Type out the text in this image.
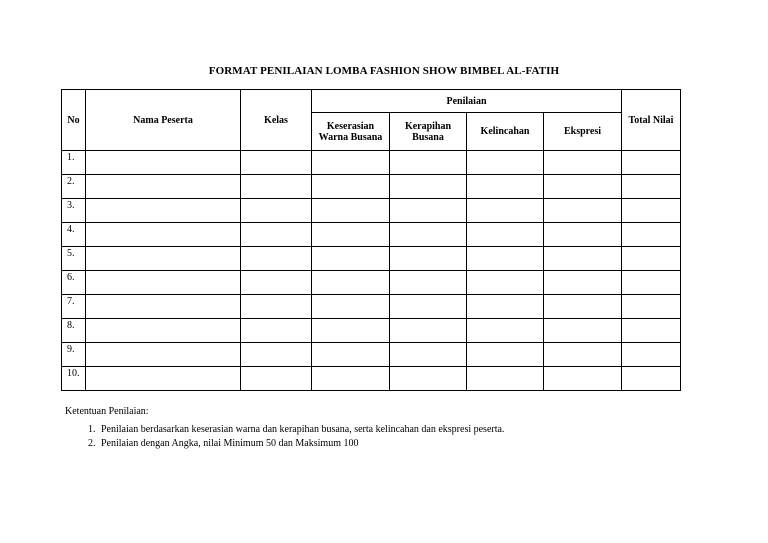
FORMAT PENILAIAN LOMBA FASHION SHOW BIMBEL AL-FATIH
No	Nama Peserta	Kelas	Penilaian				Total Nilai
			Keserasian Warna Busana	Kerapihan Busana	Kelincahan	Ekspresi	
1.							
2.							
3.							
4.							
5.							
6.							
7.							
8.							
9.							
10.							
Ketentuan Penilaian:
1. Penilaian berdasarkan keserasian warna dan kerapihan busana, serta kelincahan dan ekspresi peserta.
2. Penilaian dengan Angka, nilai Minimum 50 dan Maksimum 100
